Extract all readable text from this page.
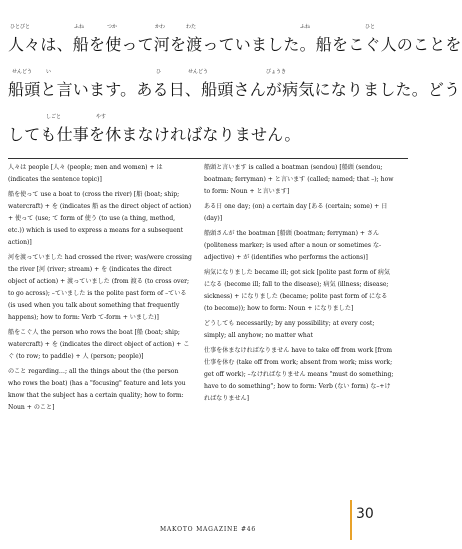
ひとびと	ふね	つか	かわ	わた	ふね	ひと
人々は、船を使って河を渡っていました。船をこぐ人のことを
せんどう	い	ひ	せんどう	びょうき
船頭と言います。ある日、船頭さんが病気になりました。どう
しごと	やす
しても仕事を休まなければなりません。
人々は people [人々 (people; men and women) + は (indicates the sentence topic)]
船を使って use a boat to (cross the river) [船 (boat; ship; watercraft) + を (indicates 船 as the direct object of action) + 使って (use; て form of 使う (to use (a thing, method, etc.)) which is used to express a means for a subsequent action)]
河を渡っていました had crossed the river; was/were crossing the river [河 (river; stream) + を (indicates the direct object of action) + 渡っていました (from 渡る (to cross over; to go across); –ていました is the polite past form of –ている (is used when you talk about something that frequently happens); how to form: Verb て-form + いました)]
船をこぐ人 the person who rows the boat [船 (boat; ship; watercraft) + を (indicates the direct object of action) + こぐ (to row; to paddle) + 人 (person; people)]
のこと regarding…; all the things about the (the person who rows the boat) (has a "focusing" feature and lets you know that the subject has a certain quality; how to form: Noun + のこと]
船頭と言います is called a boatman (sendou) [船頭 (sendou; boatman; ferryman) + と言います (called; named; that –); how to form: Noun + と言います]
ある日 one day; (on) a certain day [ある (certain; some) + 日 (day)]
船頭さんが the boatman [船頭 (boatman; ferryman) + さん (politeness marker; is used after a noun or sometimes な-adjective) + が (identifies who performs the actions)]
病気になりました became ill; got sick [polite past form of 病気になる (become ill; fall to the disease); 病気 (illness; disease; sickness) + になりました (became; polite past form of になる (to become)); how to form: Noun + になりました]
どうしても necessarily; by any possibility; at every cost; simply; all anyhow; no matter what
仕事を休まなければなりません have to take off from work [from 仕事を休む (take off from work; absent from work; miss work; get off work); –なければなりません means "must do something; have to do something"; how to form: Verb (ない form) な–+ければなりません]
MAKOTO MAGAZINE #46
30
